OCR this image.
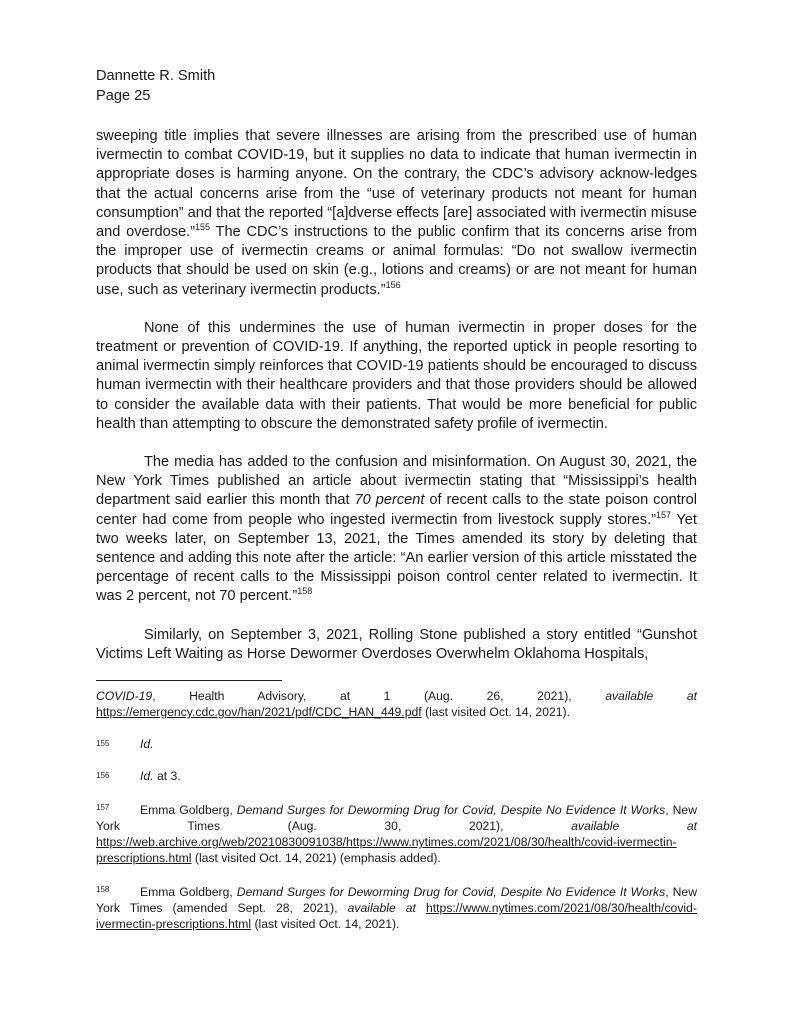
Dannette R. Smith
Page 25

sweeping title implies that severe illnesses are arising from the prescribed use of human ivermectin to combat COVID-19, but it supplies no data to indicate that human ivermectin in appropriate doses is harming anyone. On the contrary, the CDC’s advisory acknow-ledges that the actual concerns arise from the “use of veterinary products not meant for human consumption” and that the reported “[a]dverse effects [are] associated with ivermectin misuse and overdose.”$^{155}$ The CDC’s instructions to the public confirm that its concerns arise from the improper use of ivermectin creams or animal formulas: “Do not swallow ivermectin products that should be used on skin (e.g., lotions and creams) or are not meant for human use, such as veterinary ivermectin products.”$^{156}$

None of this undermines the use of human ivermectin in proper doses for the treatment or prevention of COVID-19. If anything, the reported uptick in people resorting to animal ivermectin simply reinforces that COVID-19 patients should be encouraged to discuss human ivermectin with their healthcare providers and that those providers should be allowed to consider the available data with their patients. That would be more beneficial for public health than attempting to obscure the demonstrated safety profile of ivermectin.

The media has added to the confusion and misinformation. On August 30, 2021, the New York Times published an article about ivermectin stating that “Mississippi’s health department said earlier this month that 70 percent of recent calls to the state poison control center had come from people who ingested ivermectin from livestock supply stores.”$^{157}$ Yet two weeks later, on September 13, 2021, the Times amended its story by deleting that sentence and adding this note after the article: “An earlier version of this article misstated the percentage of recent calls to the Mississippi poison control center related to ivermectin. It was 2 percent, not 70 percent.”$^{158}$

Similarly, on September 3, 2021, Rolling Stone published a story entitled “Gunshot Victims Left Waiting as Horse Dewormer Overdoses Overwhelm Oklahoma Hospitals,

COVID-19, Health Advisory, at 1 (Aug. 26, 2021), available at https://emergency.cdc.gov/han/2021/pdf/CDC_HAN_449.pdf (last visited Oct. 14, 2021).
155	Id.
156	Id. at 3.
157	Emma Goldberg, Demand Surges for Deworming Drug for Covid, Despite No Evidence It Works, New York Times (Aug. 30, 2021), available at https://web.archive.org/web/20210830091038/https://www.nytimes.com/2021/08/30/health/covid-ivermectin-prescriptions.html (last visited Oct. 14, 2021) (emphasis added).
158	Emma Goldberg, Demand Surges for Deworming Drug for Covid, Despite No Evidence It Works, New York Times (amended Sept. 28, 2021), available at https://www.nytimes.com/2021/08/30/health/covid-ivermectin-prescriptions.html (last visited Oct. 14, 2021).
